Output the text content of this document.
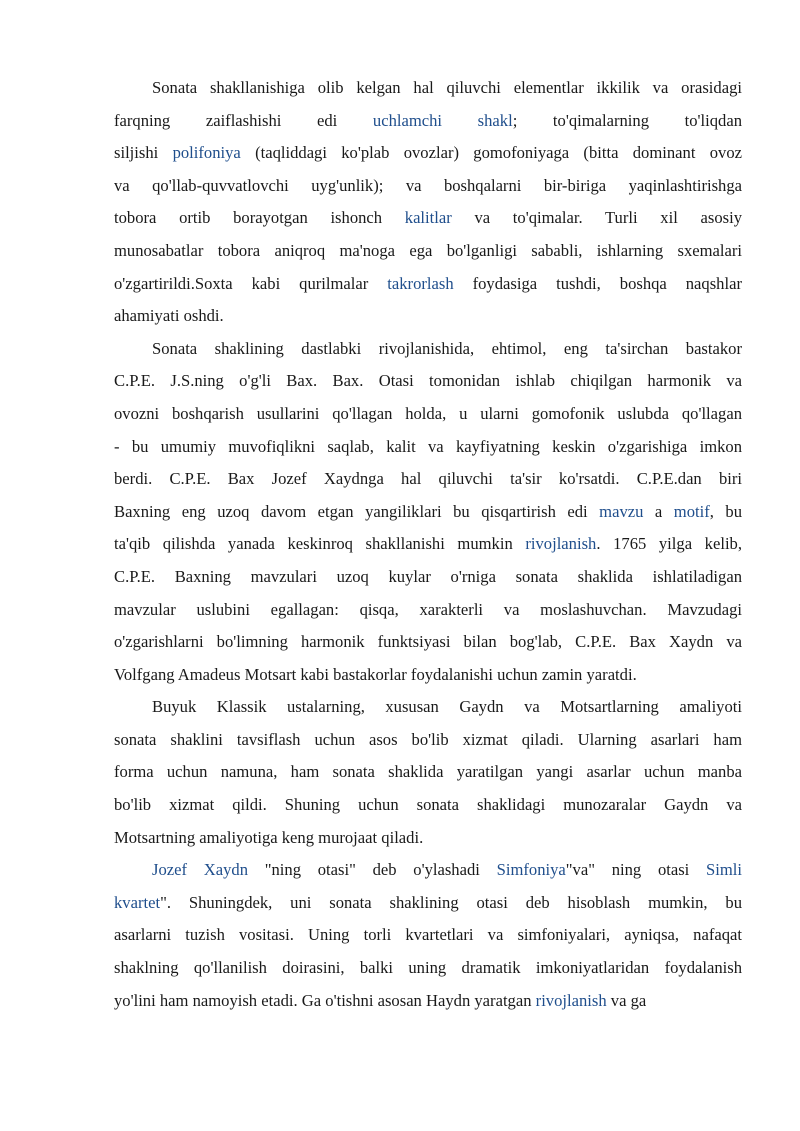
Sonata shakllanishiga olib kelgan hal qiluvchi elementlar ikkilik va orasidagi
farqning zaiflashishi edi uchlamchi shakl; to'qimalarning to'liqdan
siljishi polifoniya (taqliddagi ko'plab ovozlar) gomofoniyaga (bitta dominant ovoz
va qo'llab-quvvatlovchi uyg'unlik); va boshqalarni bir-biriga yaqinlashtirishga
tobora ortib borayotgan ishonch kalitlar va to'qimalar. Turli xil asosiy
munosabatlar tobora aniqroq ma'noga ega bo'lganligi sababli, ishlarning sxemalari
o'zgartirildi.Soxta kabi qurilmalar takrorlash foydasiga tushdi, boshqa naqshlar
ahamiyati oshdi.
Sonata shaklining dastlabki rivojlanishida, ehtimol, eng ta'sirchan bastakor
C.P.E. J.S.ning o'g'li Bax. Bax. Otasi tomonidan ishlab chiqilgan harmonik va
ovozni boshqarish usullarini qo'llagan holda, u ularni gomofonik uslubda qo'llagan
- bu umumiy muvofiqlikni saqlab, kalit va kayfiyatning keskin o'zgarishiga imkon
berdi. C.P.E. Bax Jozef Xaydnga hal qiluvchi ta'sir ko'rsatdi. C.P.E.dan biri
Baxning eng uzoq davom etgan yangiliklari bu qisqartirish edi mavzu a motif, bu
ta'qib qilishda yanada keskinroq shakllanishi mumkin rivojlanish. 1765 yilga kelib,
C.P.E. Baxning mavzulari uzoq kuylar o'rniga sonata shaklida ishlatiladigan
mavzular uslubini egallagan: qisqa, xarakterli va moslashuvchan. Mavzudagi
o'zgarishlarni bo'limning harmonik funktsiyasi bilan bog'lab, C.P.E. Bax Xaydn va
Volfgang Amadeus Motsart kabi bastakorlar foydalanishi uchun zamin yaratdi.
Buyuk Klassik ustalarning, xususan Gaydn va Motsartlarning amaliyoti
sonata shaklini tavsiflash uchun asos bo'lib xizmat qiladi. Ularning asarlari ham
forma uchun namuna, ham sonata shaklida yaratilgan yangi asarlar uchun manba
bo'lib xizmat qildi. Shuning uchun sonata shaklidagi munozaralar Gaydn va
Motsartning amaliyotiga keng murojaat qiladi.
Jozef Xaydn "ning otasi" deb o'ylashadi Simfoniya"va" ning otasi Simli
kvartet". Shuningdek, uni sonata shaklining otasi deb hisoblash mumkin, bu
asarlarni tuzish vositasi. Uning torli kvartetlari va simfoniyalari, ayniqsa, nafaqat
shaklning qo'llanilish doirasini, balki uning dramatik imkoniyatlaridan foydalanish
yo'lini ham namoyish etadi. Ga o'tishni asosan Haydn yaratgan rivojlanish va ga
